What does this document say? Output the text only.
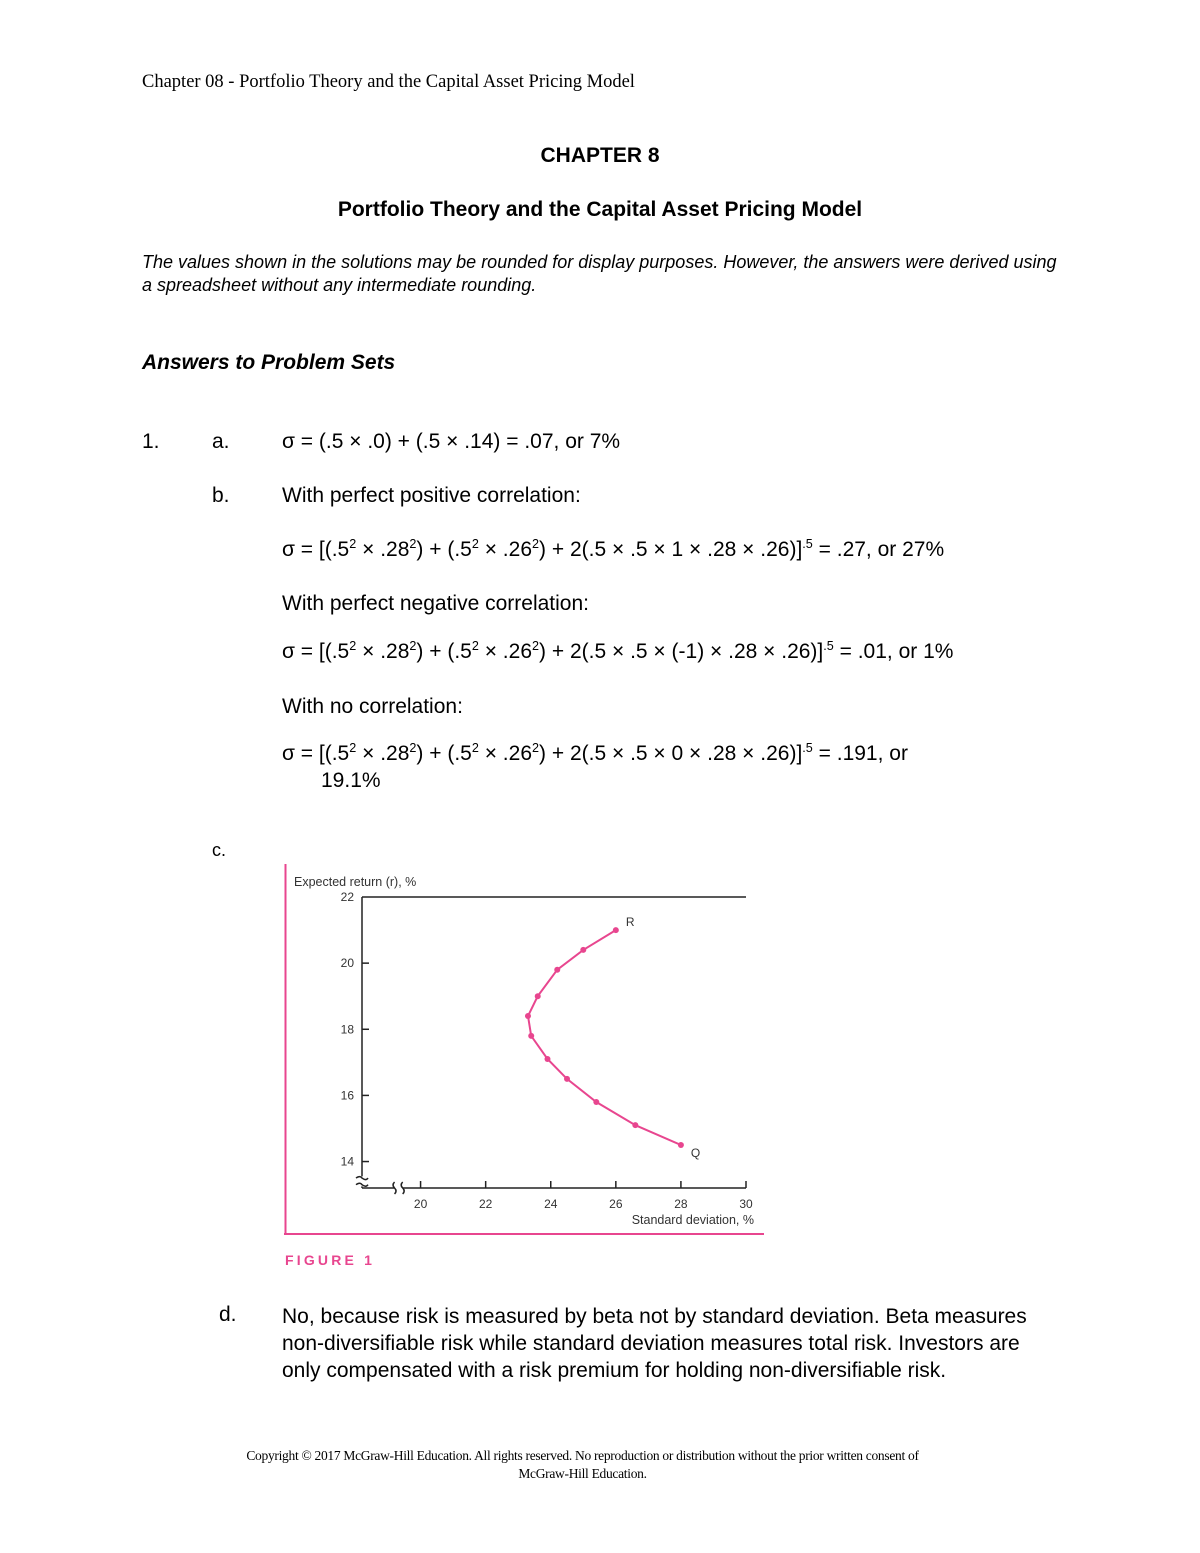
Chapter 08 - Portfolio Theory and the Capital Asset Pricing Model
CHAPTER 8
Portfolio Theory and the Capital Asset Pricing Model
The values shown in the solutions may be rounded for display purposes. However, the answers were derived using a spreadsheet without any intermediate rounding.
Answers to Problem Sets
1. a. σ = (.5 × .0) + (.5 × .14) = .07, or 7%
b. With perfect positive correlation:
$\sigma = [(.5^2 \times .28^2) + (.5^2 \times .26^2) + 2(.5 \times .5 \times 1 \times .28 \times .26)]^{.5} = .27$, or 27%
With perfect negative correlation:
$\sigma = [(.5^2 \times .28^2) + (.5^2 \times .26^2) + 2(.5 \times .5 \times (-1) \times .28 \times .26)]^{.5} = .01$, or 1%
With no correlation:
$\sigma = [(.5^2 \times .28^2) + (.5^2 \times .26^2) + 2(.5 \times .5 \times 0 \times .28 \times .26)]^{.5} = .191$, or
19.1%
c.
Expected return (r), %
Standard deviation, %
20	22	24	26	28	30
14
16
18
20
22
R
Q
FIGURE 1
d. No, because risk is measured by beta not by standard deviation. Beta measures non-diversifiable risk while standard deviation measures total risk. Investors are only compensated with a risk premium for holding non-diversifiable risk.
Copyright © 2017 McGraw-Hill Education. All rights reserved. No reproduction or distribution without the prior written consent of
McGraw-Hill Education.
